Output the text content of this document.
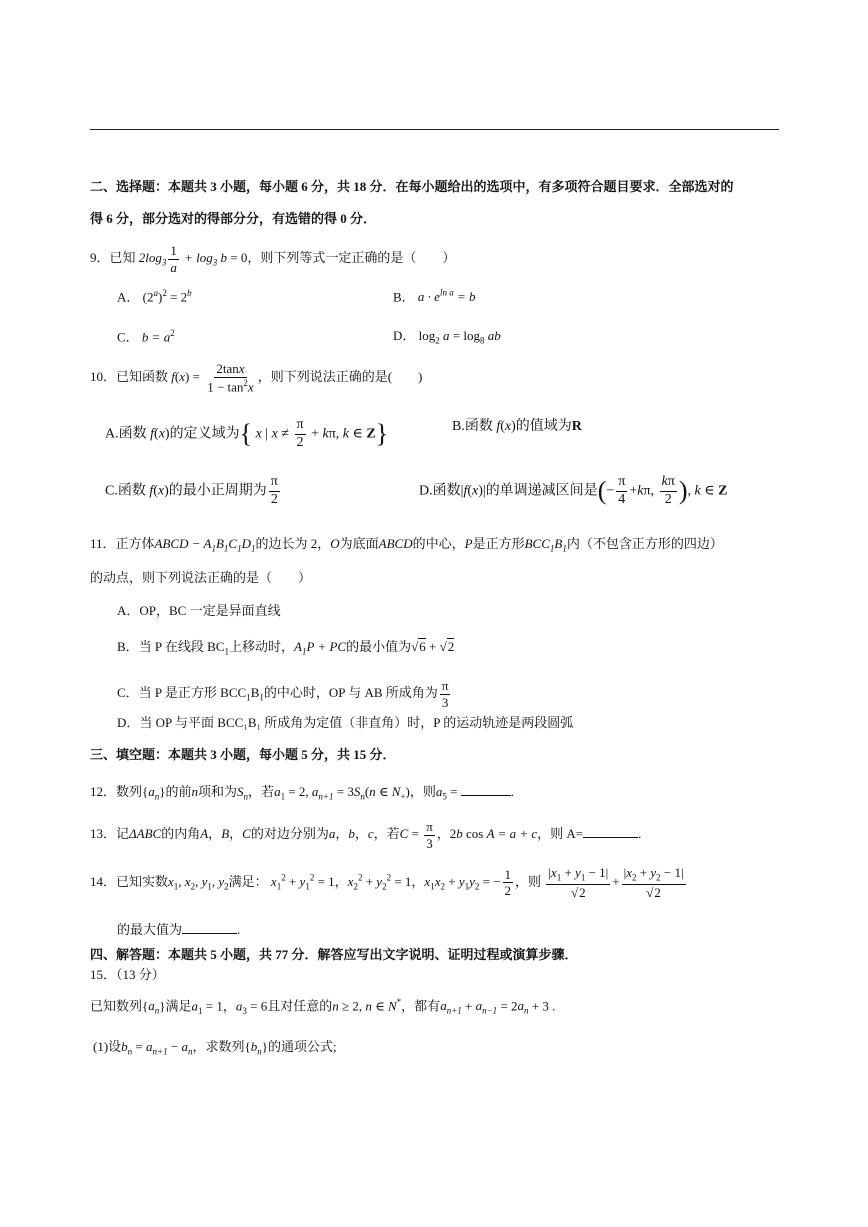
二、选择题：本题共 3 小题，每小题 6 分，共 18 分．在每小题给出的选项中，有多项符合题目要求．全部选对的
得 6 分，部分选对的得部分分，有选错的得 0 分．
9．已知 $2\log_3 \frac{1}{a} + \log_3 b = 0$，则下列等式一定正确的是（　　）
A． $(2^a)^2 = 2^b$	B． $a \cdot e^{ln a} = b$
C． $b = a^2$	D． $\log_2 a = \log_8$ ab
10．已知函数 $f(x) = \frac{2\tan x}{1 - \tan^2x}$ ，则下列说法正确的是(　　)
A.函数 f(x)的定义域为{ x | $x \ne \frac{\pi}{2} + k\pi$, k ∈ Z}	B.函数 f(x)的值域为R
C.函数 f(x)的最小正周期为 $\frac{\pi}{2}$	D.函数|f(x)|的单调递减区间是(− $\frac{\pi}{4} +k\pi$, $\frac{k\pi}{2}$ ), k ∈ Z
11．正方体ABCD − $A_1B_1C_1D_1$的边长为 2，O为底面ABCD的中心，P是正方形$BCC_1B_1$内（不包含正方形的四边）
的动点，则下列说法正确的是（　　）
A．OP，BC 一定是异面直线
B．当 P 在线段 $BC_1$上移动时，$A_1P$ + PC的最小值为√6 + √2
C．当 P 是正方形 $BCC_1B_1$的中心时，OP 与 AB 所成角为 $\frac{\pi}{3}$
D．当 OP 与平面 BCC₁B₁ 所成角为定值（非直角）时，P 的运动轨迹是两段圆弧
三、填空题：本题共 3 小题，每小题 5 分，共 15 分．
12．数列$\{a_n\}$的前n项和为$S_n$，若$a_1 = 2$, $a_{n+1} = 3S_n(n$ ∈ $N_+$)，则$a_5$ =	.
13．记ΔABC的内角A，B，C的对边分别为a，b，c，若$C = \frac{\pi}{3}$ ，2b cos A = a + c，则 A=	.
14．已知实数$x_1$, $x_2$, $y_1$, $y_2$满足： $x_1^2 + y_1^2 = 1$，$x_2^2 + y_2^2 = 1$，$x_1x_2 + y_1y_2$ = − $\frac{1}{2}$ ，则 $\frac{|x_1 + y_1 - 1|}{√2} + \frac{|x_2 + y_2 - 1|}{√2}$
的最大值为	.
四、解答题：本题共 5 小题，共 77 分．解答应写出文字说明、证明过程或演算步骤．
15．（13 分）
已知数列$\{a_n\}$满足$a_1 = 1$，$a_3 = 6$且对任意的n ≥ 2, n ∈ N*，都有$a_{n+1} + a_{n-1} = 2a_n + 3$ .
(1)设$b_n = a_{n+1} - a_n$，求数列$\{b_n\}$的通项公式;
